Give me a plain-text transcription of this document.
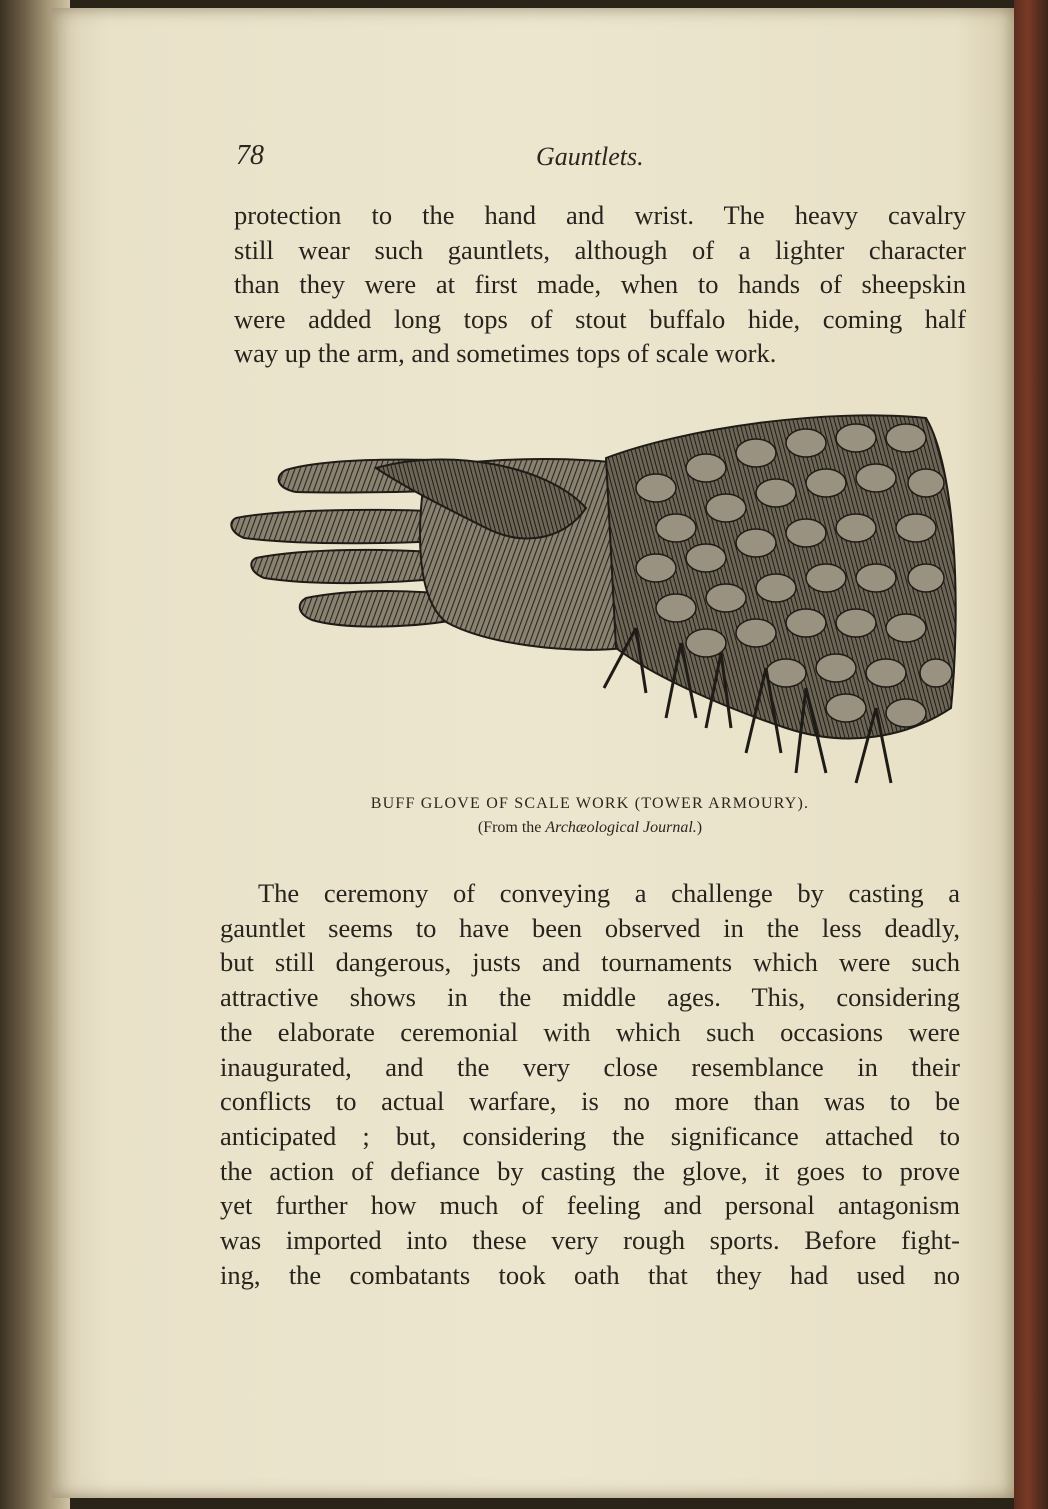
78	Gauntlets.

protection to the hand and wrist. The heavy cavalry
still wear such gauntlets, although of a lighter character
than they were at first made, when to hands of sheepskin
were added long tops of stout buffalo hide, coming half
way up the arm, and sometimes tops of scale work.

BUFF GLOVE OF SCALE WORK (TOWER ARMOURY).
(From the Archæological Journal.)

The ceremony of conveying a challenge by casting a
gauntlet seems to have been observed in the less deadly,
but still dangerous, justs and tournaments which were such
attractive shows in the middle ages. This, considering
the elaborate ceremonial with which such occasions were
inaugurated, and the very close resemblance in their
conflicts to actual warfare, is no more than was to be
anticipated ; but, considering the significance attached to
the action of defiance by casting the glove, it goes to prove
yet further how much of feeling and personal antagonism
was imported into these very rough sports. Before fight-
ing, the combatants took oath that they had used no
